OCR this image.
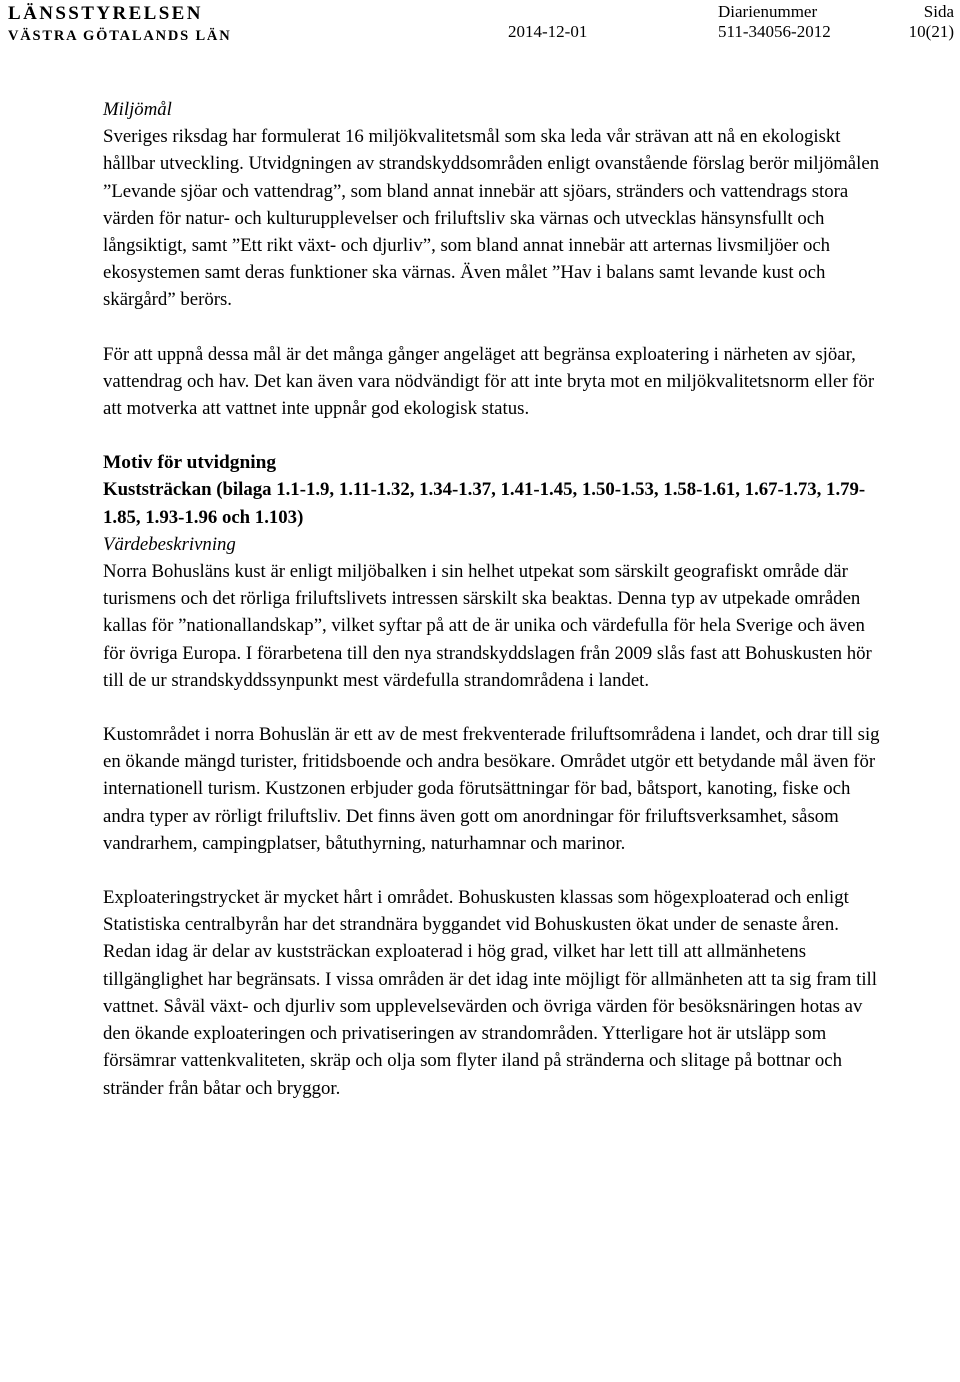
LÄNSSTYRELSEN
VÄSTRA GÖTALANDS LÄN	2014-12-01
Diarienummer
511-34056-2012
Sida
10(21)

Miljömål

Sveriges riksdag har formulerat 16 miljökvalitetsmål som ska leda vår strävan att nå en ekologiskt hållbar utveckling. Utvidgningen av strandskyddsområden enligt ovanstående förslag berör miljömålen ”Levande sjöar och vattendrag”, som bland annat innebär att sjöars, stränders och vattendrags stora värden för natur- och kulturupplevelser och friluftsliv ska värnas och utvecklas hänsynsfullt och långsiktigt, samt ”Ett rikt växt- och djurliv”, som bland annat innebär att arternas livsmiljöer och ekosystemen samt deras funktioner ska värnas. Även målet ”Hav i balans samt levande kust och skärgård” berörs.

För att uppnå dessa mål är det många gånger angeläget att begränsa exploatering i närheten av sjöar, vattendrag och hav. Det kan även vara nödvändigt för att inte bryta mot en miljökvalitetsnorm eller för att motverka att vattnet inte uppnår god ekologisk status.

Motiv för utvidgning

Kuststräckan (bilaga 1.1-1.9, 1.11-1.32, 1.34-1.37, 1.41-1.45, 1.50-1.53, 1.58-1.61, 1.67-1.73, 1.79-1.85, 1.93-1.96 och 1.103)

Värdebeskrivning

Norra Bohusläns kust är enligt miljöbalken i sin helhet utpekat som särskilt geografiskt område där turismens och det rörliga friluftslivets intressen särskilt ska beaktas. Denna typ av utpekade områden kallas för ”nationallandskap”, vilket syftar på att de är unika och värdefulla för hela Sverige och även för övriga Europa. I förarbetena till den nya strandskyddslagen från 2009 slås fast att Bohuskusten hör till de ur strandskyddssynpunkt mest värdefulla strandområdena i landet.

Kustområdet i norra Bohuslän är ett av de mest frekventerade friluftsområdena i landet, och drar till sig en ökande mängd turister, fritidsboende och andra besökare. Området utgör ett betydande mål även för internationell turism. Kustzonen erbjuder goda förutsättningar för bad, båtsport, kanoting, fiske och andra typer av rörligt friluftsliv. Det finns även gott om anordningar för friluftsverksamhet, såsom vandrarhem, campingplatser, båtuthyrning, naturhamnar och marinor.

Exploateringstrycket är mycket hårt i området. Bohuskusten klassas som högexploaterad och enligt Statistiska centralbyrån har det strandnära byggandet vid Bohuskusten ökat under de senaste åren. Redan idag är delar av kuststräckan exploaterad i hög grad, vilket har lett till att allmänhetens tillgänglighet har begränsats. I vissa områden är det idag inte möjligt för allmänheten att ta sig fram till vattnet. Såväl växt- och djurliv som upplevelsevärden och övriga värden för besöksnäringen hotas av den ökande exploateringen och privatiseringen av strandområden. Ytterligare hot är utsläpp som försämrar vattenkvaliteten, skräp och olja som flyter iland på stränderna och slitage på bottnar och stränder från båtar och bryggor.
